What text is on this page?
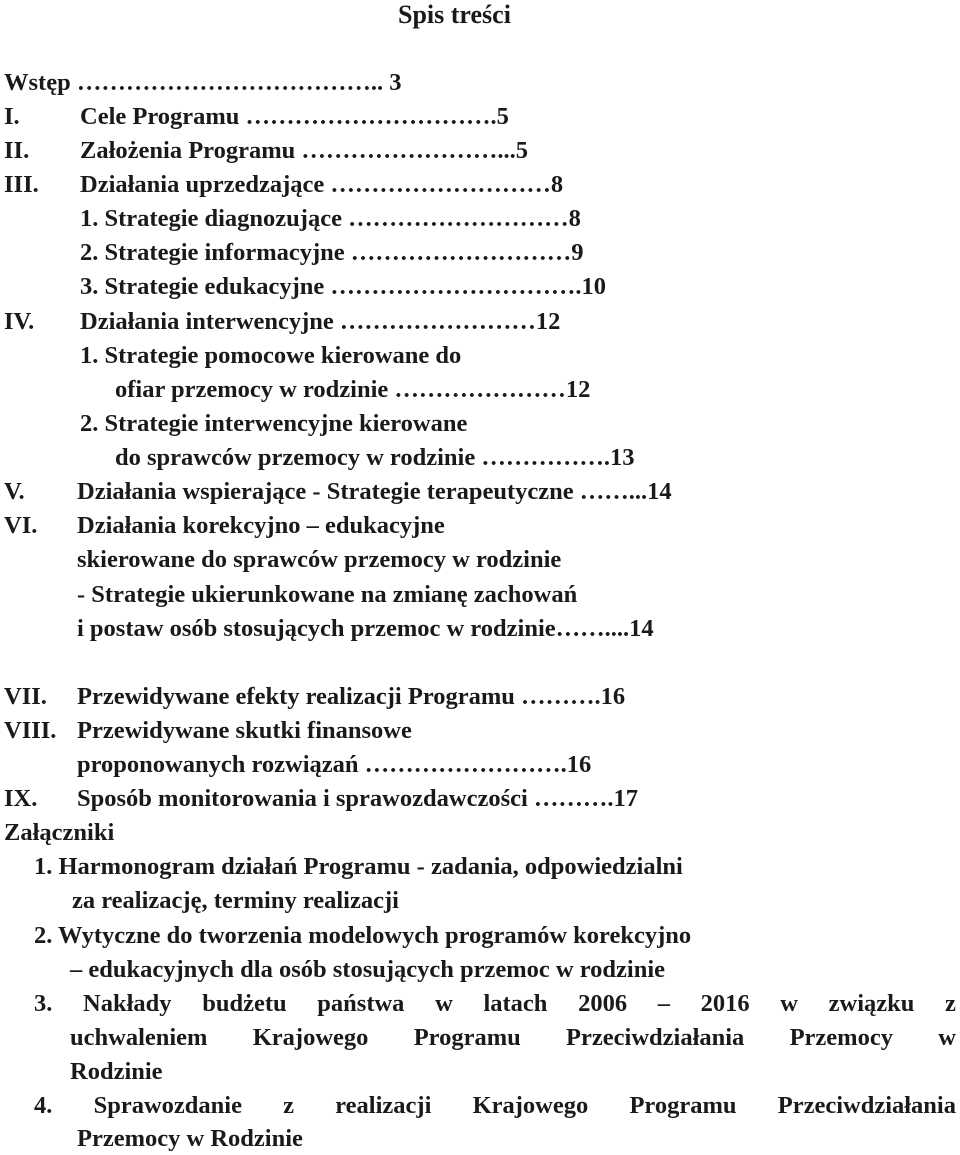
Spis treści
Wstęp ……………………………….. 3
I. Cele Programu ………………………….5
II. Założenia Programu ……………………...5
III. Działania uprzedzające ………………………8
1. Strategie diagnozujące ………………………8
2. Strategie informacyjne ………………………9
3. Strategie edukacyjne ………………………….10
IV. Działania interwencyjne ……………………12
1. Strategie pomocowe kierowane do
ofiar przemocy w rodzinie …………………12
2. Strategie interwencyjne kierowane
do sprawców przemocy w rodzinie …………….13
V. Działania wspierające - Strategie terapeutyczne ……...14
VI. Działania korekcyjno – edukacyjne
skierowane do sprawców przemocy w rodzinie
- Strategie ukierunkowane na zmianę zachowań
i postaw osób stosujących przemoc w rodzinie……....14
VII. Przewidywane efekty realizacji Programu ……….16
VIII. Przewidywane skutki finansowe
proponowanych rozwiązań …………………….16
IX. Sposób monitorowania i sprawozdawczości ……….17
Załączniki
1. Harmonogram działań Programu - zadania, odpowiedzialni
za realizację, terminy realizacji
2. Wytyczne do tworzenia modelowych programów korekcyjno
– edukacyjnych dla osób stosujących przemoc w rodzinie
3. Nakłady budżetu państwa w latach 2006 – 2016 w związku z
uchwaleniem Krajowego Programu Przeciwdziałania Przemocy w
Rodzinie
4. Sprawozdanie z realizacji Krajowego Programu Przeciwdziałania
Przemocy w Rodzinie
